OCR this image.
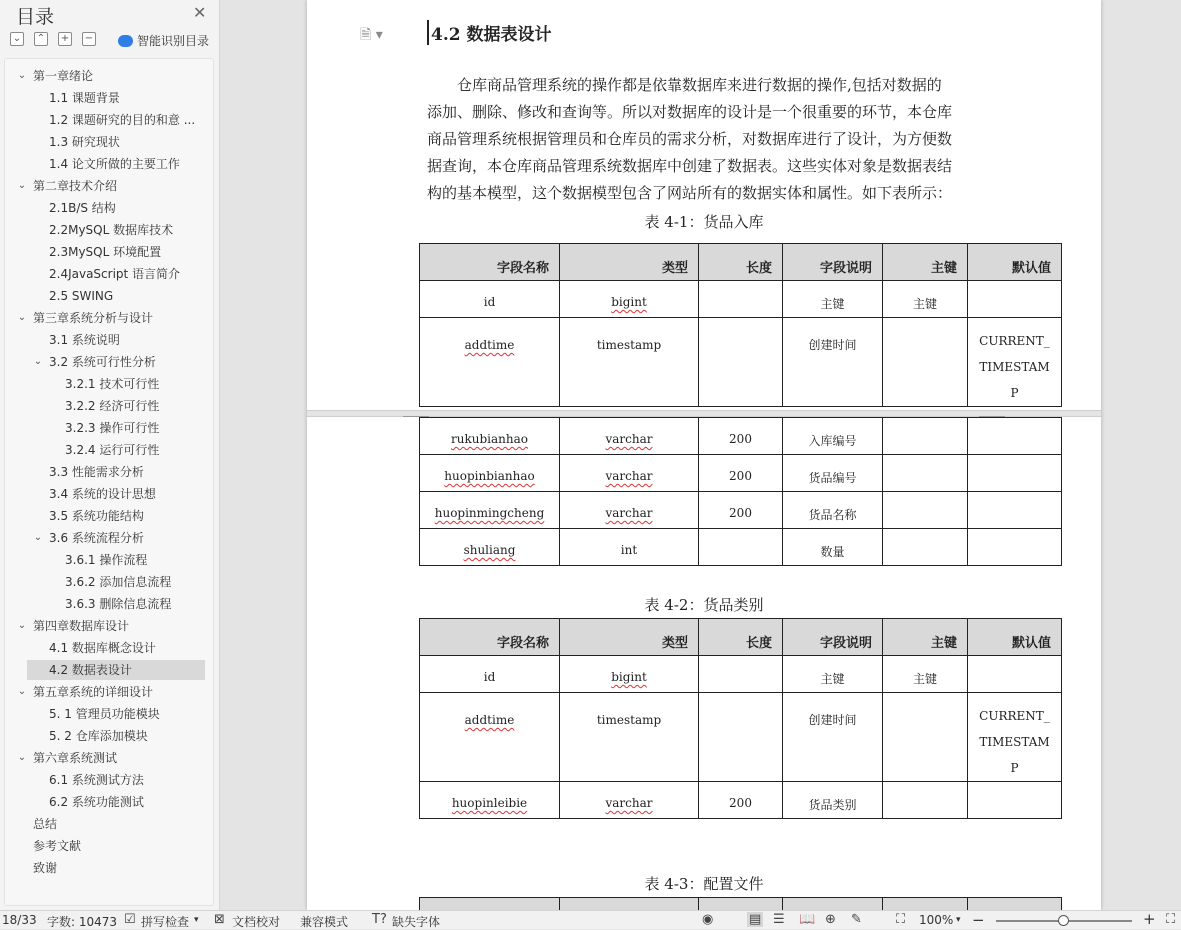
目录	✕
⌄ ⌃ + −	智能识别目录
⌄ 第一章绪论
1.1 课题背景
1.2 课题研究的目的和意 ...
1.3 研究现状
1.4 论文所做的主要工作
⌄ 第二章技术介绍
2.1B/S 结构
2.2MySQL 数据库技术
2.3MySQL 环境配置
2.4JavaScript 语言简介
2.5 SWING
⌄ 第三章系统分析与设计
3.1 系统说明
⌄ 3.2 系统可行性分析
3.2.1 技术可行性
3.2.2 经济可行性
3.2.3 操作可行性
3.2.4 运行可行性
3.3 性能需求分析
3.4 系统的设计思想
3.5 系统功能结构
⌄ 3.6 系统流程分析
3.6.1 操作流程
3.6.2 添加信息流程
3.6.3 删除信息流程
⌄ 第四章数据库设计
4.1 数据库概念设计
4.2 数据表设计
⌄ 第五章系统的详细设计
5. 1 管理员功能模块
5. 2 仓库添加模块
⌄ 第六章系统测试
6.1 系统测试方法
6.2 系统功能测试
总结
参考文献
致谢
🗎 ▾	4.2 数据表设计
仓库商品管理系统的操作都是依靠数据库来进行数据的操作,包括对数据的
添加、删除、修改和查询等。所以对数据库的设计是一个很重要的环节，本仓库
商品管理系统根据管理员和仓库员的需求分析，对数据库进行了设计，为方便数
据查询，本仓库商品管理系统数据库中创建了数据表。这些实体对象是数据表结
构的基本模型，这个数据模型包含了网站所有的数据实体和属性。如下表所示：
表 4-1：货品入库
字段名称	类型	长度	字段说明	主键	默认值
id	bigint		主键	主键	
addtime	timestamp		创建时间		CURRENT_TIMESTAMP
rukubianhao	varchar	200	入库编号		
huopinbianhao	varchar	200	货品编号		
huopinmingcheng	varchar	200	货品名称		
shuliang	int		数量		
表 4-2：货品类别
字段名称	类型	长度	字段说明	主键	默认值
id	bigint		主键	主键	
addtime	timestamp		创建时间		CURRENT_TIMESTAMP
huopinleibie	varchar	200	货品类别		
表 4-3：配置文件

18/33 字数: 10473 ☑ 拼写检查 ▾ ⊠ 文档校对 兼容模式 T? 缺失字体	◉	▤ ☰ 📖 ⊕ ✎	⛶ 100% ▾ −	+ ⛶
